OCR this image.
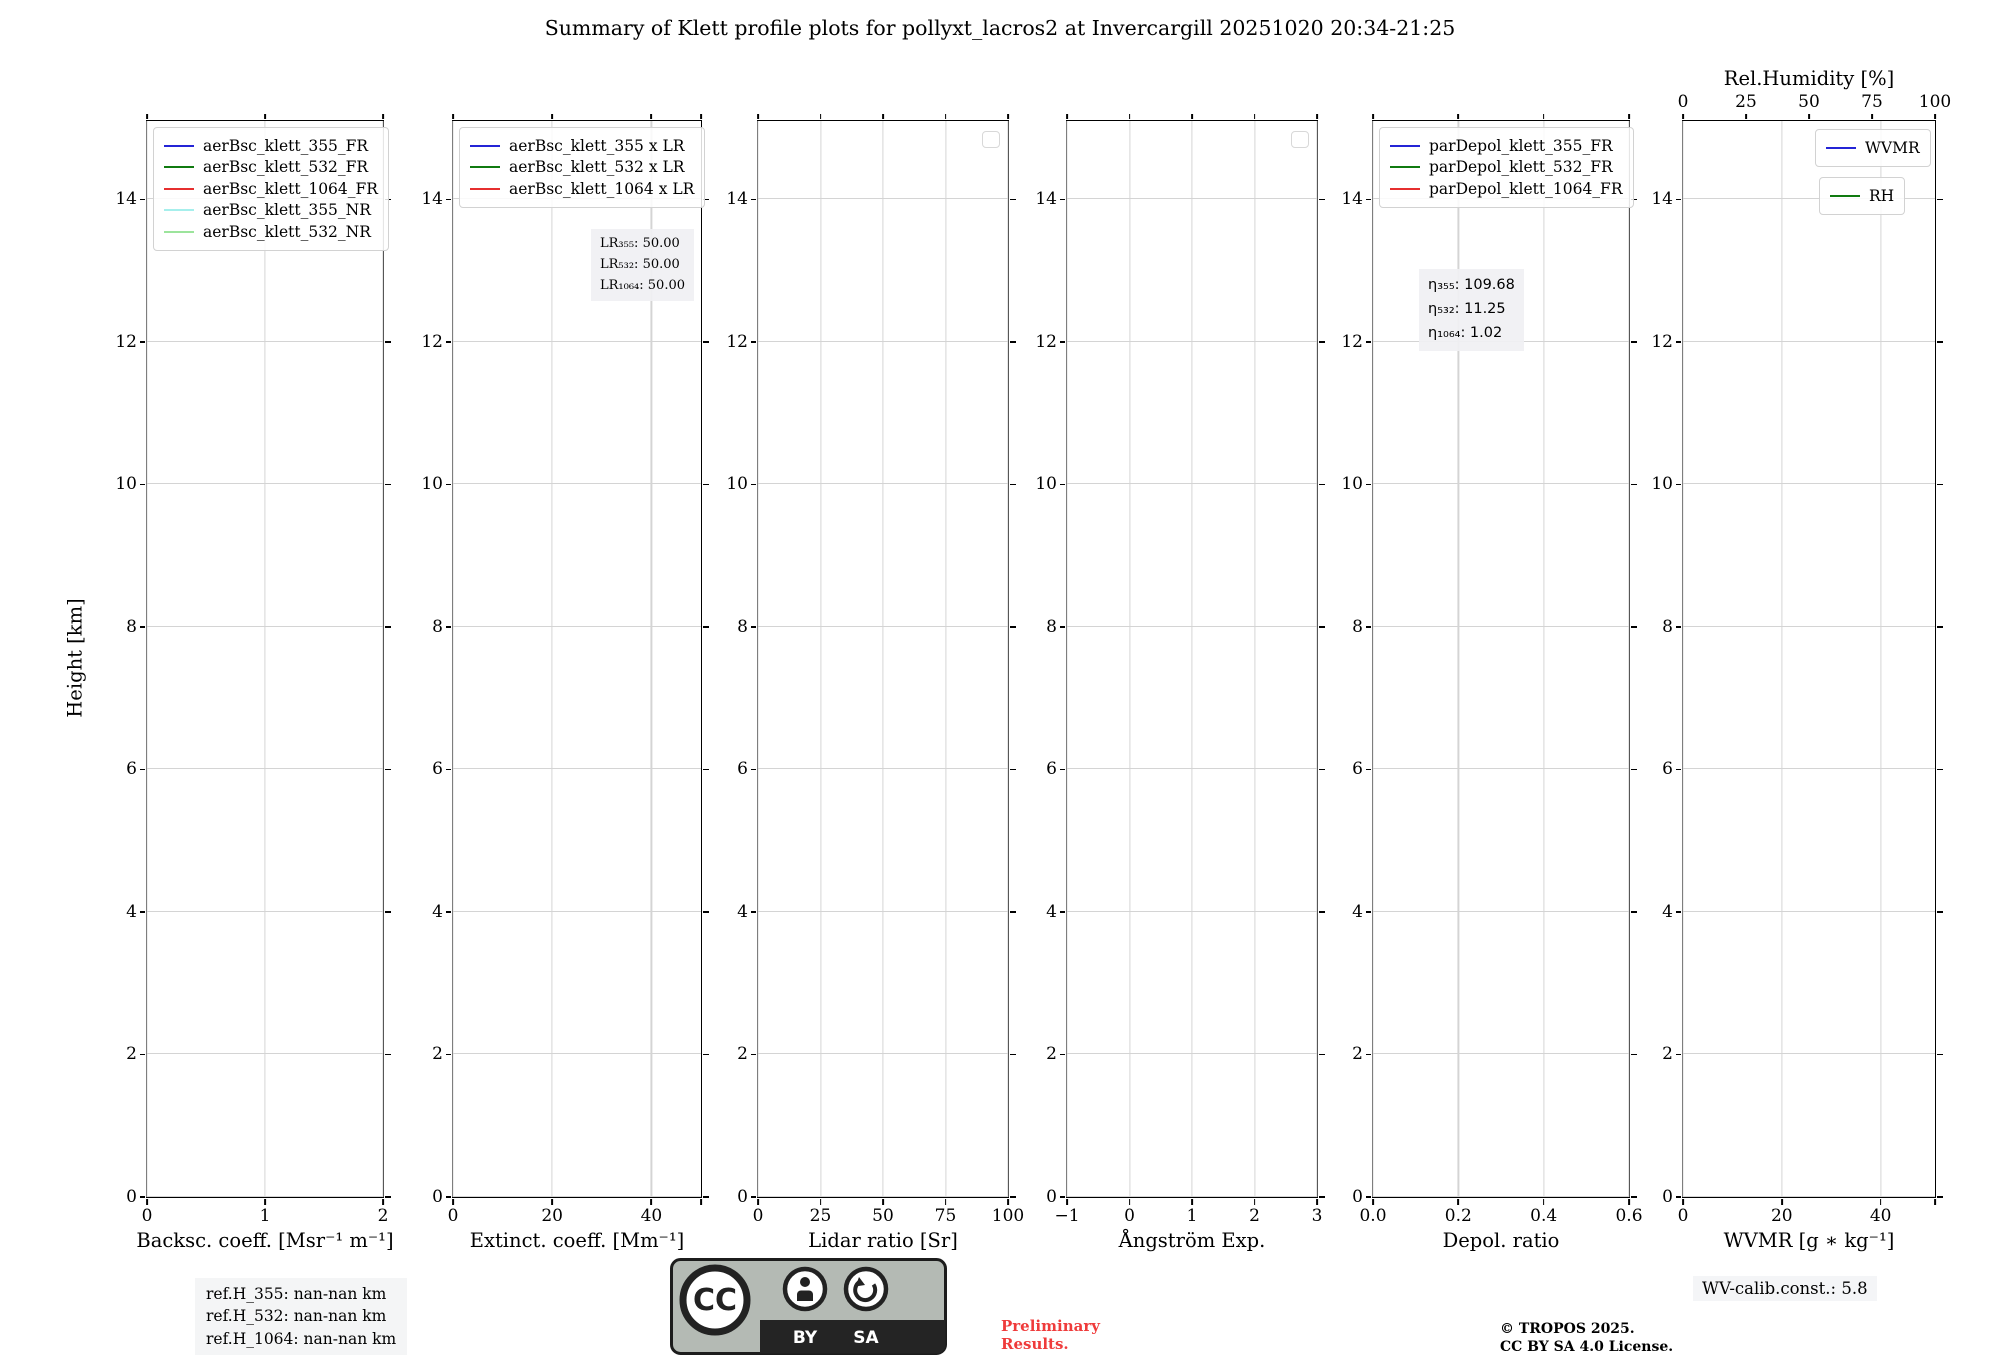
Summary of Klett profile plots for pollyxt_lacros2 at Invercargill 20251020 20:34-21:25
Height [km]
Backsc. coeff. [Msr⁻¹ m⁻¹]
0
2
4
6
8
10
12
14
0	1	2
aerBsc_klett_355_FR
aerBsc_klett_532_FR
aerBsc_klett_1064_FR
aerBsc_klett_355_NR
aerBsc_klett_532_NR
Extinct. coeff. [Mm⁻¹]
0
2
4
6
8
10
12
14
0	20	40
aerBsc_klett_355 x LR
aerBsc_klett_532 x LR
aerBsc_klett_1064 x LR
LR₃₅₅: 50.00
LR₅₃₂: 50.00
LR₁₀₆₄: 50.00
Lidar ratio [Sr]
0
2
4
6
8
10
12
14
0	25 50 75 100
Ångström Exp.
0
2
4
6
8
10
12
14
−1	0	1	2	3
Depol. ratio
0
2
4
6
8
10
12
14
0.0	0.2	0.4	0.6
parDepol_klett_355_FR
parDepol_klett_532_FR
parDepol_klett_1064_FR
η₃₅₅: 109.68
η₅₃₂: 11.25
η₁₀₆₄: 1.02
WVMR [g ∗ kg⁻¹]
Rel.Humidity [%]
0
2
4
6
8
10
12
14
0	20	40
0	25 50 75 100
WVMR
RH
ref.H_355: nan-nan km
ref.H_532: nan-nan km
ref.H_1064: nan-nan km
CC
BY SA
Preliminary
Results.
© TROPOS 2025.
CC BY SA 4.0 License.
WV-calib.const.: 5.8
